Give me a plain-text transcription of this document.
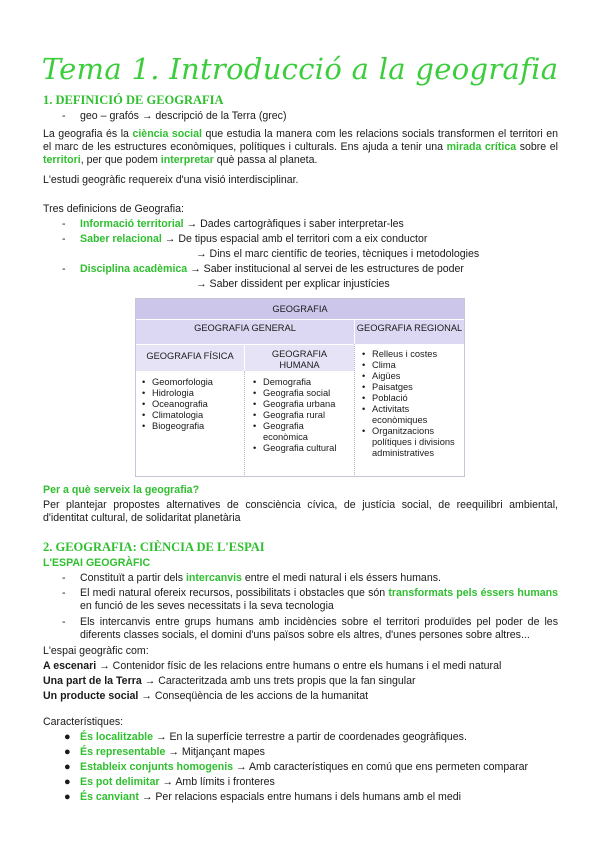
Tema 1. Introducció a la geografia
1. DEFINICIÓ DE GEOGRAFIA
- geo – grafós → descripció de la Terra (grec)
La geografia és la ciència social que estudia la manera com les relacions socials transformen el territori en el marc de les estructures econòmiques, polítiques i culturals. Ens ajuda a tenir una mirada crítica sobre el territori, per que podem interpretar què passa al planeta.
L'estudi geogràfic requereix d'una visió interdisciplinar.
Tres definicions de Geografia:
- Informació territorial → Dades cartogràfiques i saber interpretar-les
- Saber relacional → De tipus espacial amb el territori com a eix conductor
→ Dins el marc científic de teories, tècniques i metodologies
- Disciplina acadèmica → Saber institucional al servei de les estructures de poder
→ Saber dissident per explicar injustícies
GEOGRAFIA
GEOGRAFIA GENERAL	GEOGRAFIA REGIONAL
GEOGRAFIA FÍSICA	GEOGRAFIA HUMANA
• Geomorfologia
• Hidrologia
• Oceanografia
• Climatologia
• Biogeografia
• Demografia
• Geografia social
• Geografia urbana
• Geografia rural
• Geografia econòmica
• Geografia cultural
• Relleus i costes
• Clima
• Aigües
• Paisatges
• Població
• Activitats econòmiques
• Organitzacions polítiques i divisions administratives
Per a què serveix la geografia?
Per plantejar propostes alternatives de consciència cívica, de justícia social, de reequilibri ambiental, d'identitat cultural, de solidaritat planetària
2. GEOGRAFIA: CIÈNCIA DE L'ESPAI
L'ESPAI GEOGRÀFIC
- Constituït a partir dels intercanvis entre el medi natural i els éssers humans.
- El medi natural ofereix recursos, possibilitats i obstacles que són transformats pels éssers humans en funció de les seves necessitats i la seva tecnologia
- Els intercanvis entre grups humans amb incidències sobre el territori produïdes pel poder de les diferents classes socials, el domini d'uns països sobre els altres, d'unes persones sobre altres...
L'espai geogràfic com:
A escenari → Contenidor físic de les relacions entre humans o entre els humans i el medi natural
Una part de la Terra → Caracteritzada amb uns trets propis que la fan singular
Un producte social → Conseqüència de les accions de la humanitat
Característiques:
● És localitzable → En la superfície terrestre a partir de coordenades geogràfiques.
● És representable → Mitjançant mapes
● Estableix conjunts homogenis → Amb característiques en comú que ens permeten comparar
● Es pot delimitar → Amb límits i fronteres
● És canviant → Per relacions espacials entre humans i dels humans amb el medi
